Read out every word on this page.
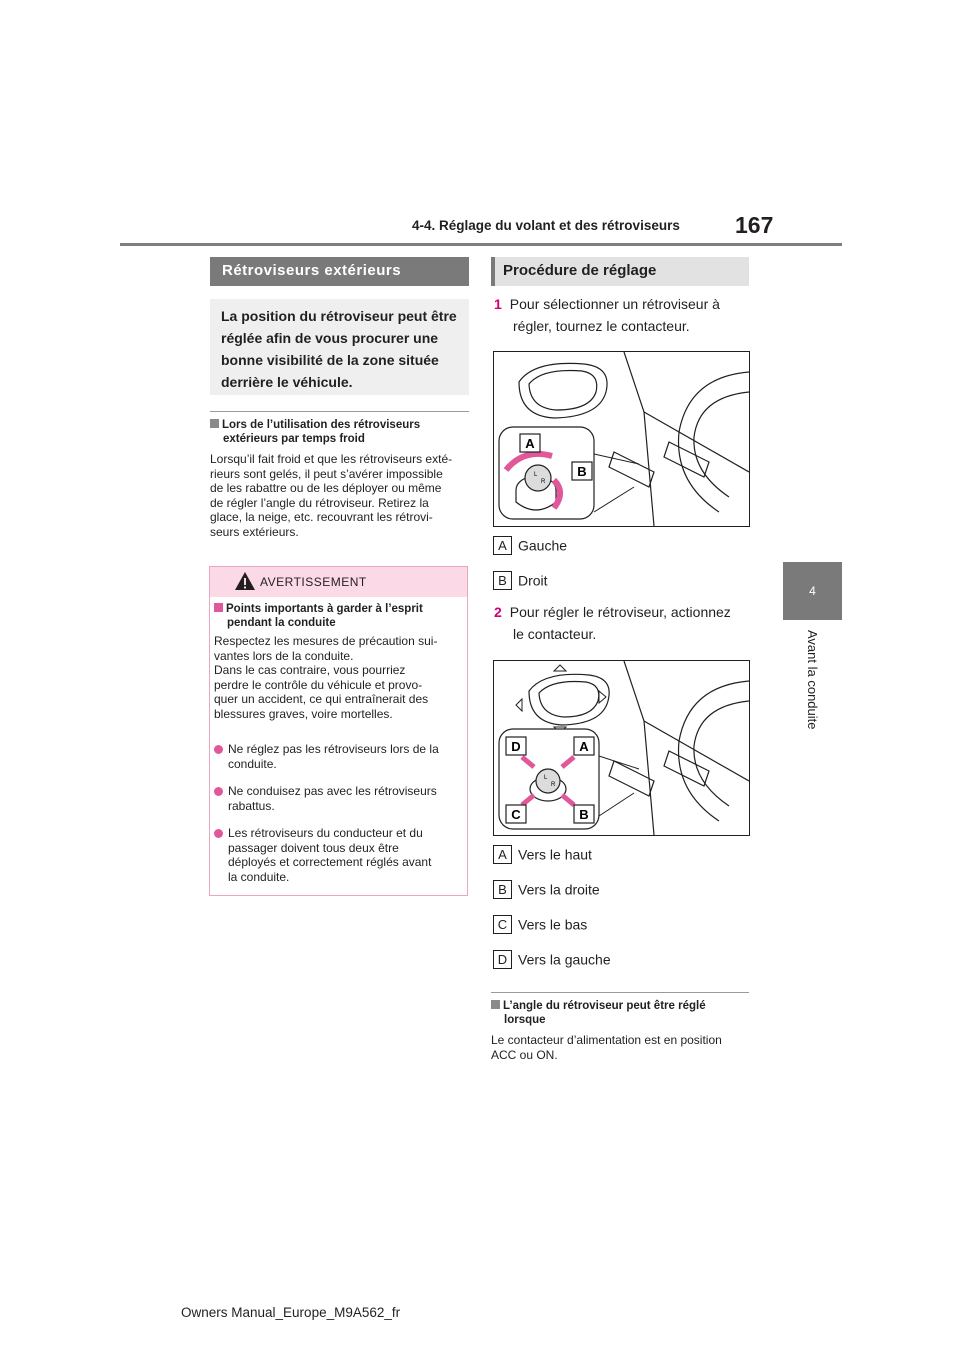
4-4. Réglage du volant et des rétroviseurs 167
4
Avant la conduite
Rétroviseurs extérieurs

La position du rétroviseur peut être réglée afin de vous procurer une bonne visibilité de la zone située derrière le véhicule.

Lors de l’utilisation des rétroviseurs
extérieurs par temps froid
Lorsqu’il fait froid et que les rétroviseurs exté-
rieurs sont gelés, il peut s’avérer impossible
de les rabattre ou de les déployer ou même
de régler l’angle du rétroviseur. Retirez la
glace, la neige, etc. recouvrant les rétrovi-
seurs extérieurs.
AVERTISSEMENT
Points importants à garder à l’esprit
pendant la conduite
Respectez les mesures de précaution sui-
vantes lors de la conduite.
Dans le cas contraire, vous pourriez
perdre le contrôle du véhicule et provo-
quer un accident, ce qui entraînerait des
blessures graves, voire mortelles.
Ne réglez pas les rétroviseurs lors de la
conduite.
Ne conduisez pas avec les rétroviseurs
rabattus.
Les rétroviseurs du conducteur et du
passager doivent tous deux être
déployés et correctement réglés avant
la conduite.
Procédure de réglage
1 Pour sélectionner un rétroviseur à
régler, tournez le contacteur.
A
B
L
R
A Gauche
B Droit
2 Pour régler le rétroviseur, actionnez
le contacteur.
D	A
C	B
L
R
A Vers le haut
B Vers la droite
C Vers le bas
D Vers la gauche
L’angle du rétroviseur peut être réglé
lorsque
Le contacteur d’alimentation est en position
ACC ou ON.
Owners Manual_Europe_M9A562_fr
